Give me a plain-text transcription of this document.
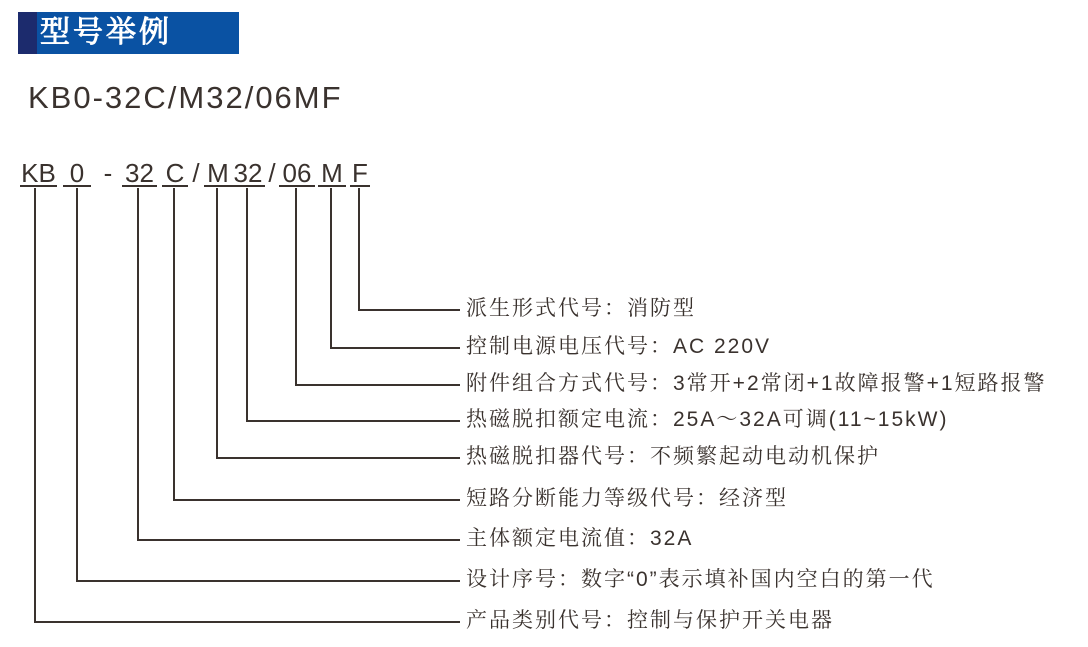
型号举例
KB0-32C/M32/06MF
KB 0 - 32 C / M 32 / 06 M F
派生形式代号：消防型
控制电源电压代号：AC 220V
附件组合方式代号：3常开+2常闭+1故障报警+1短路报警
热磁脱扣额定电流：25A～32A可调(11~15kW)
热磁脱扣器代号：不频繁起动电动机保护
短路分断能力等级代号：经济型
主体额定电流值：32A
设计序号：数字“0”表示填补国内空白的第一代
产品类别代号：控制与保护开关电器
